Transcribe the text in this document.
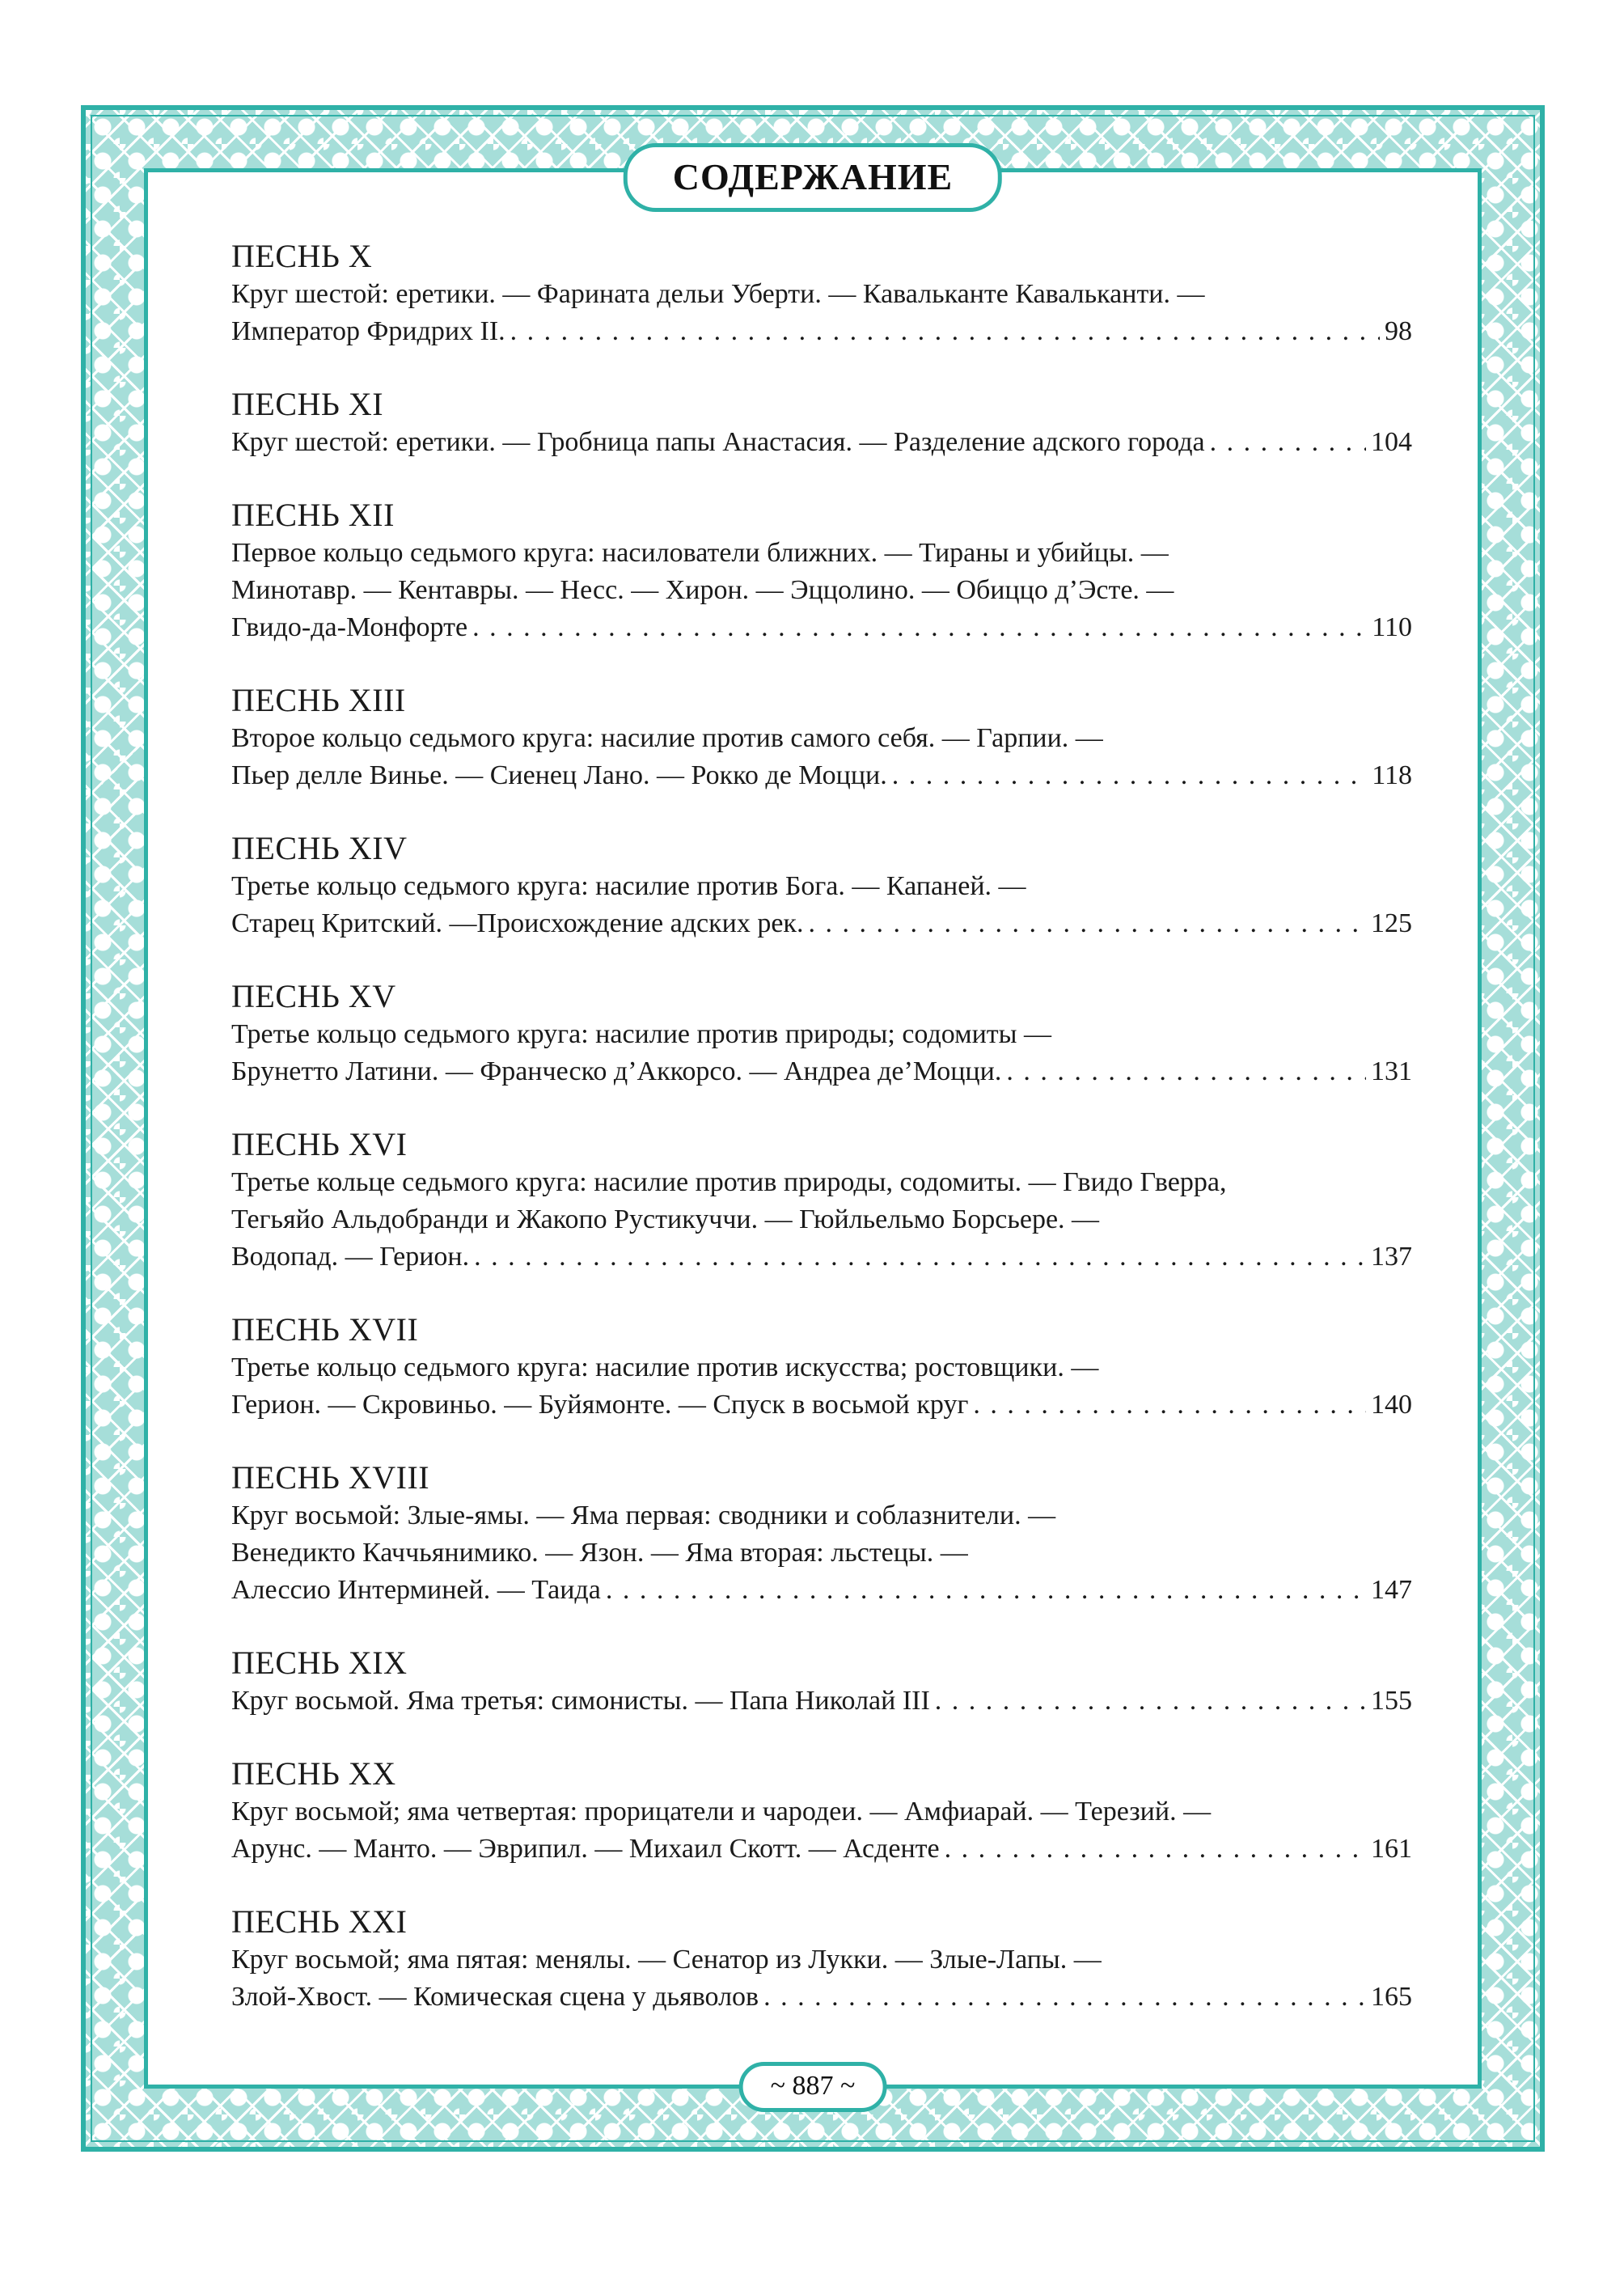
СОДЕРЖАНИЕ
ПЕСНЬ X
Круг шестой: еретики. — Фарината дельи Уберти. — Кавальканте Кавальканти. —
Император Фридрих II. . . .	98
ПЕСНЬ XI
Круг шестой: еретики. — Гробница папы Анастасия. — Разделение адского города . . .	104
ПЕСНЬ XII
Первое кольцо седьмого круга: насилователи ближних. — Тираны и убийцы. —
Минотавр. — Кентавры. — Несс. — Хирон. — Эццолино. — Обиццо д’Эсте. —
Гвидо-да-Монфорте . . .	110
ПЕСНЬ XIII
Второе кольцо седьмого круга: насилие против самого себя. — Гарпии. —
Пьер делле Винье. — Сиенец Лано. — Рокко де Моцци. . . .	118
ПЕСНЬ XIV
Третье кольцо седьмого круга: насилие против Бога. — Капаней. —
Старец Критский. —Происхождение адских рек. . . .	125
ПЕСНЬ XV
Третье кольцо седьмого круга: насилие против природы; содомиты —
Брунетто Латини. — Франческо д’Аккорсо. — Андреа де’Моцци. . . .	131
ПЕСНЬ XVI
Третье кольце седьмого круга: насилие против природы, содомиты. — Гвидо Гверра,
Тегьяйо Альдобранди и Жакопо Рустикуччи. — Гюйльельмо Борсьере. —
Водопад. — Герион. . . .	137
ПЕСНЬ XVII
Третье кольцо седьмого круга: насилие против искусства; ростовщики. —
Герион. — Скровиньо. — Буйямонте. — Спуск в восьмой круг . . .	140
ПЕСНЬ XVIII
Круг восьмой: Злые-ямы. — Яма первая: сводники и соблазнители. —
Венедикто Каччьянимико. — Язон. — Яма вторая: льстецы. —
Алессио Интерминей. — Таида . . .	147
ПЕСНЬ XIX
Круг восьмой. Яма третья: симонисты. — Папа Николай III . . .	155
ПЕСНЬ XX
Круг восьмой; яма четвертая: прорицатели и чародеи. — Амфиарай. — Терезий. —
Арунс. — Манто. — Эврипил. — Михаил Скотт. — Асденте . . .	161
ПЕСНЬ XXI
Круг восьмой; яма пятая: менялы. — Сенатор из Лукки. — Злые-Лапы. —
Злой-Хвост. — Комическая сцена у дьяволов . . .	165
~ 887 ~
